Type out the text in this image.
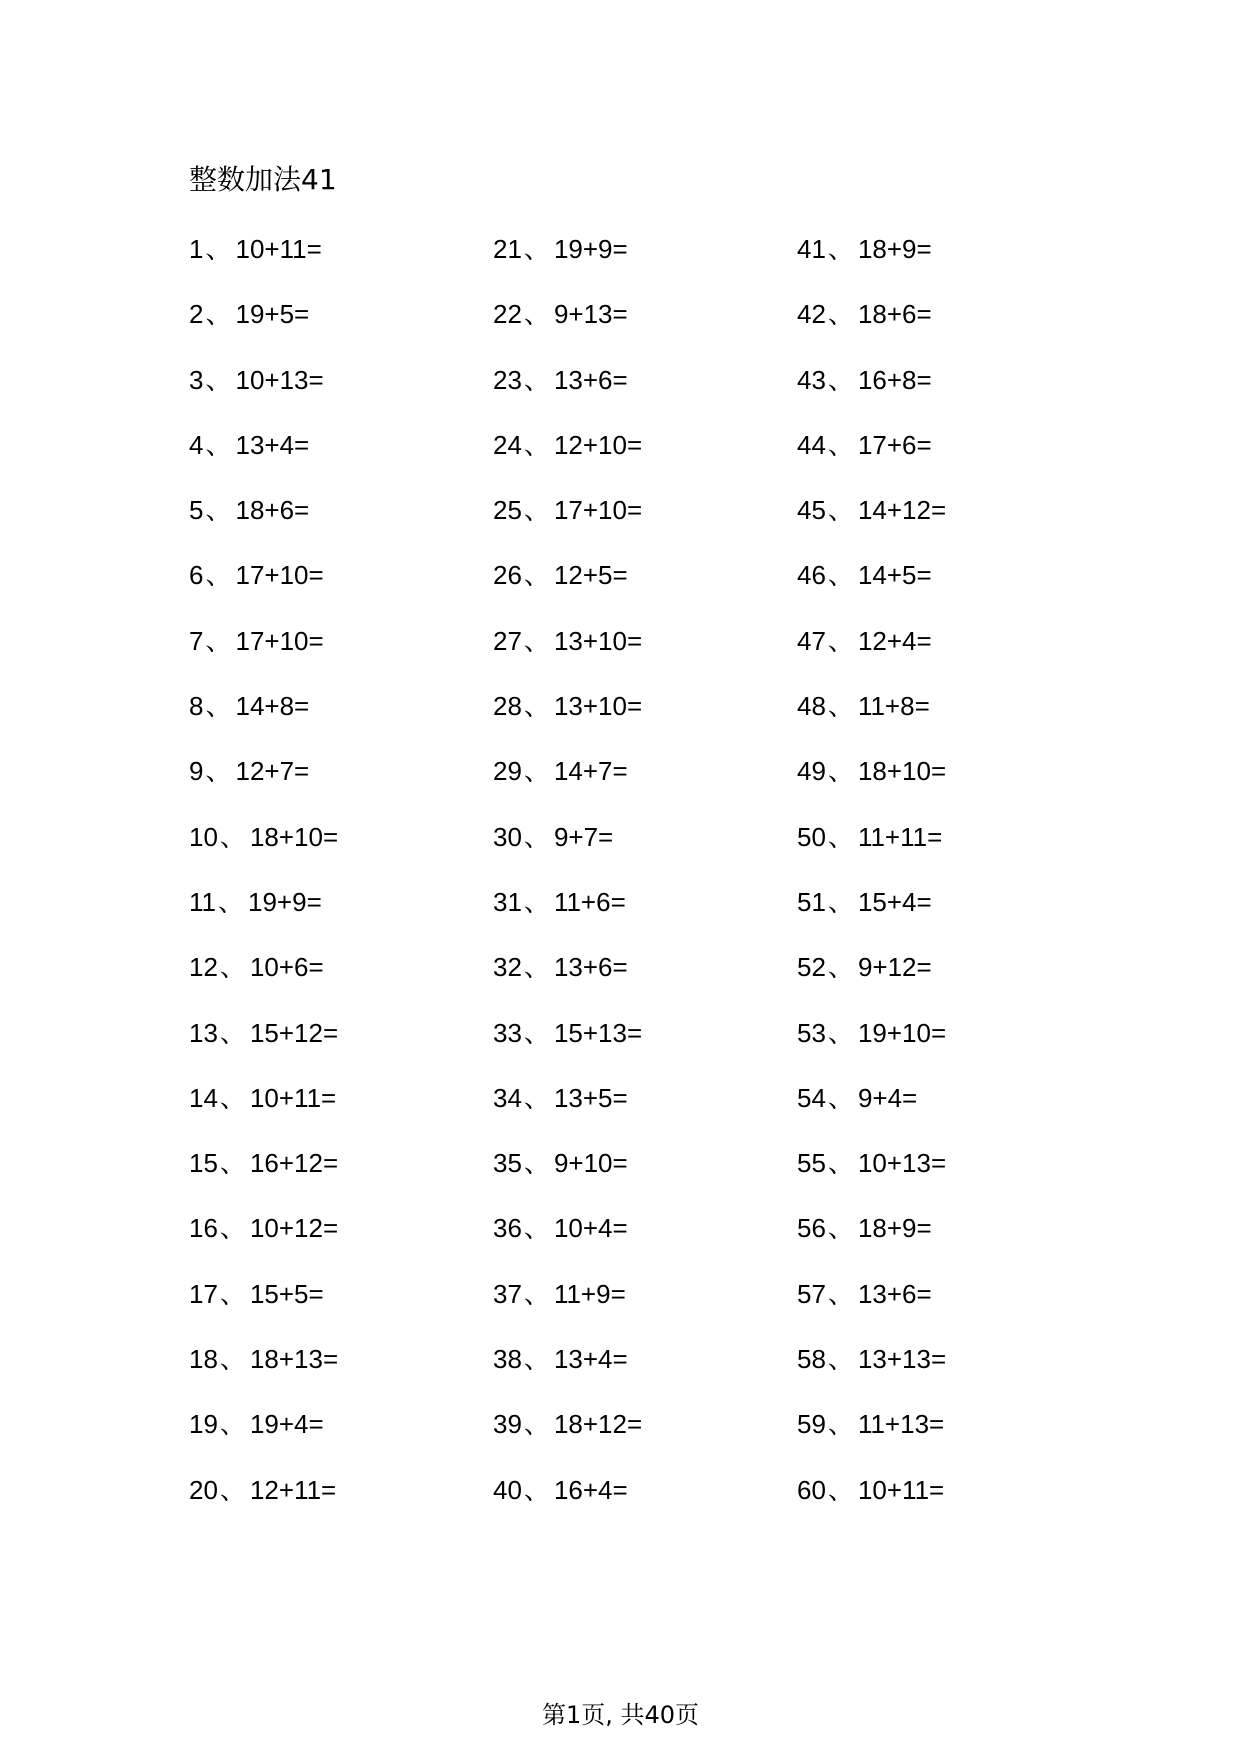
整数加法41
1、 10+11=
2、 19+5=
3、 10+13=
4、 13+4=
5、 18+6=
6、 17+10=
7、 17+10=
8、 14+8=
9、 12+7=
10、 18+10=
11、 19+9=
12、 10+6=
13、 15+12=
14、 10+11=
15、 16+12=
16、 10+12=
17、 15+5=
18、 18+13=
19、 19+4=
20、 12+11=
21、 19+9=
22、 9+13=
23、 13+6=
24、 12+10=
25、 17+10=
26、 12+5=
27、 13+10=
28、 13+10=
29、 14+7=
30、 9+7=
31、 11+6=
32、 13+6=
33、 15+13=
34、 13+5=
35、 9+10=
36、 10+4=
37、 11+9=
38、 13+4=
39、 18+12=
40、 16+4=
41、 18+9=
42、 18+6=
43、 16+8=
44、 17+6=
45、 14+12=
46、 14+5=
47、 12+4=
48、 11+8=
49、 18+10=
50、 11+11=
51、 15+4=
52、 9+12=
53、 19+10=
54、 9+4=
55、 10+13=
56、 18+9=
57、 13+6=
58、 13+13=
59、 11+13=
60、 10+11=
第1页, 共40页
